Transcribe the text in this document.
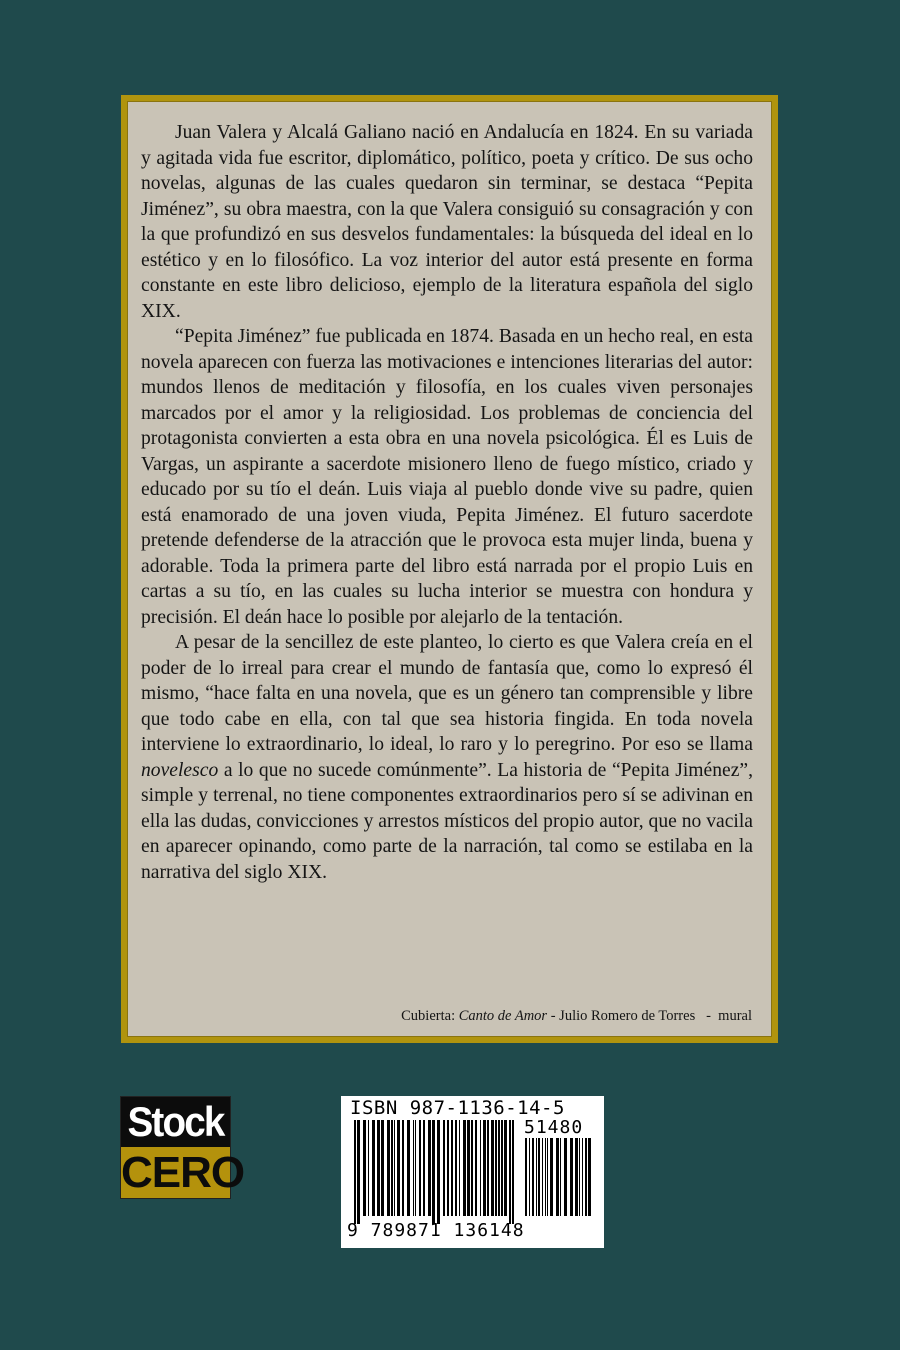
Juan Valera y Alcalá Galiano nació en Andalucía en 1824. En su variada y agitada vida fue escritor, diplomático, político, poeta y crítico. De sus ocho novelas, algunas de las cuales quedaron sin terminar, se destaca “Pepita Jiménez”, su obra maestra, con la que Valera consiguió su consagración y con la que profundizó en sus desvelos fundamentales: la búsqueda del ideal en lo estético y en lo filosófico. La voz interior del autor está presente en forma constante en este libro delicioso, ejemplo de la literatura española del siglo XIX.

“Pepita Jiménez” fue publicada en 1874. Basada en un hecho real, en esta novela aparecen con fuerza las motivaciones e intenciones literarias del autor: mundos llenos de meditación y filosofía, en los cuales viven personajes marcados por el amor y la religiosidad. Los problemas de conciencia del protagonista convierten a esta obra en una novela psicológica. Él es Luis de Vargas, un aspirante a sacerdote misionero lleno de fuego místico, criado y educado por su tío el deán. Luis viaja al pueblo donde vive su padre, quien está enamorado de una joven viuda, Pepita Jiménez. El futuro sacerdote pretende defenderse de la atracción que le provoca esta mujer linda, buena y adorable. Toda la primera parte del libro está narrada por el propio Luis en cartas a su tío, en las cuales su lucha interior se muestra con hondura y precisión. El deán hace lo posible por alejarlo de la tentación.

A pesar de la sencillez de este planteo, lo cierto es que Valera creía en el poder de lo irreal para crear el mundo de fantasía que, como lo expresó él mismo, “hace falta en una novela, que es un género tan comprensible y libre que todo cabe en ella, con tal que sea historia fingida. En toda novela interviene lo extraordinario, lo ideal, lo raro y lo peregrino. Por eso se llama novelesco a lo que no sucede comúnmente”. La historia de “Pepita Jiménez”, simple y terrenal, no tiene componentes extraordinarios pero sí se adivinan en ella las dudas, convicciones y arrestos místicos del propio autor, que no vacila en aparecer opinando, como parte de la narración, tal como se estilaba en la narrativa del siglo XIX.

Cubierta: Canto de Amor - Julio Romero de Torres   -  mural
Stock
CERO
ISBN 987-1136-14-5
51480
9 789871 136148
